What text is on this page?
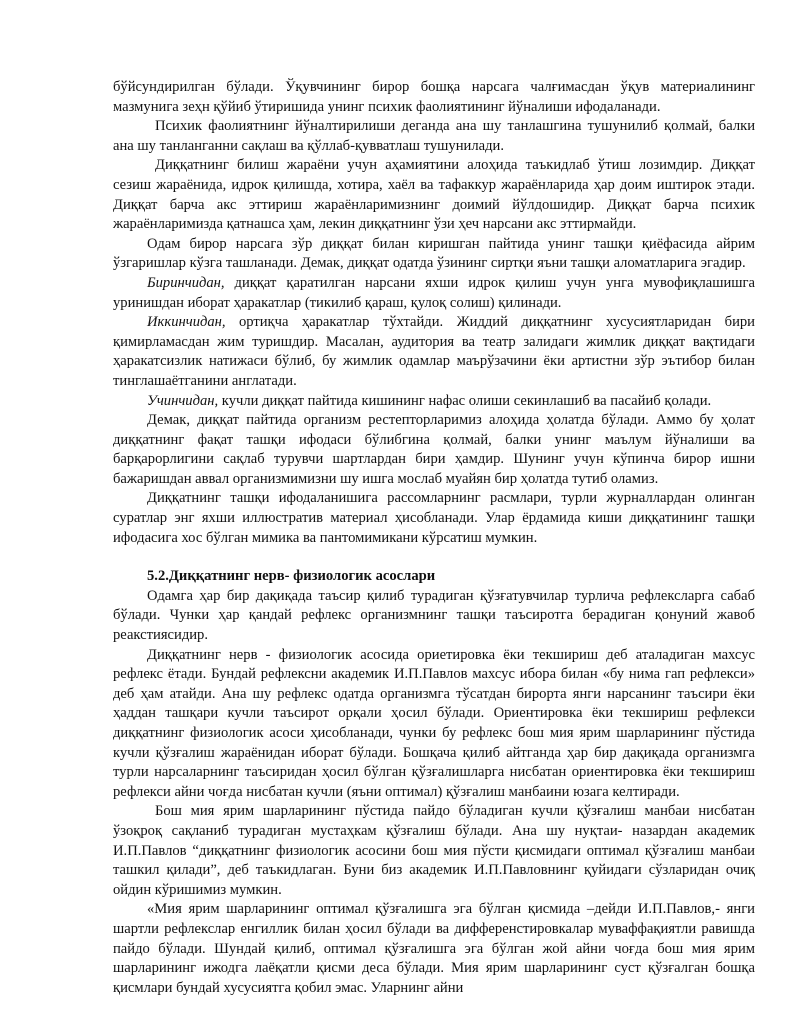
бўйсундирилган бўлади. Ўқувчининг бирор бошқа нарсага чалғимасдан ўқув материалининг мазмунига зеҳн қўйиб ўтиришида унинг психик фаолиятининг йўналиши ифодаланади.

Психик фаолиятнинг йўналтирилиши деганда ана шу танлашгина тушунилиб қолмай, балки ана шу танланганни сақлаш ва қўллаб-қувватлаш тушунилади.

Диққатнинг билиш жараёни учун аҳамиятини алоҳида таъкидлаб ўтиш лозимдир. Диққат сезиш жараёнида, идрок қилишда, хотира, хаёл ва тафаккур жараёнларида ҳар доим иштирок этади. Диққат барча акс эттириш жараёнларимизнинг доимий йўлдошидир. Диққат барча психик жараёнларимизда қатнашса ҳам, лекин диққатнинг ўзи ҳеч нарсани акс эттирмайди.

Одам бирор нарсага зўр диққат билан киришган пайтида унинг ташқи қиёфасида айрим ўзгаришлар кўзга ташланади. Демак, диққат одатда ўзининг сиртқи яъни ташқи аломатларига эгадир.

Биринчидан, диққат қаратилган нарсани яхши идрок қилиш учун унга мувофиқлашишга уринишдан иборат ҳаракатлар (тикилиб қараш, қулоқ солиш) қилинади.

Иккинчидан, ортиқча ҳаракатлар тўхтайди. Жиддий диққатнинг хусусиятларидан бири қимирламасдан жим туришдир. Масалан, аудитория ва театр залидаги жимлик диққат вақтидаги ҳаракатсизлик натижаси бўлиб, бу жимлик одамлар маърўзачини ёки артистни зўр эътибор билан тинглашаётганини англатади.

Учинчидан, кучли диққат пайтида кишининг нафас олиши секинлашиб ва пасайиб қолади.

Демак, диққат пайтида организм рестепторларимиз алоҳида ҳолатда бўлади. Аммо бу ҳолат диққатнинг фақат ташқи ифодаси бўлибгина қолмай, балки унинг маълум йўналиши ва барқарорлигини сақлаб турувчи шартлардан бири ҳамдир. Шунинг учун кўпинча бирор ишни бажаришдан аввал организмимизни шу ишга мослаб муайян бир ҳолатда тутиб оламиз.

Диққатнинг ташқи ифодаланишига рассомларнинг расмлари, турли журналлардан олинган суратлар энг яхши иллюстратив материал ҳисобланади. Улар ёрдамида киши диққатининг ташқи ифодасига хос бўлган мимика ва пантомимикани кўрсатиш мумкин.

5.2.Диққатнинг нерв- физиологик асослари

Одамга ҳар бир дақиқада таъсир қилиб турадиган қўзғатувчилар турлича рефлексларга сабаб бўлади. Чунки ҳар қандай рефлекс организмнинг ташқи таъсиротга берадиган қонуний жавоб реакстиясидир.

Диққатнинг нерв - физиологик асосида ориетировка ёки текшириш деб аталадиган махсус рефлекс ётади. Бундай рефлексни академик И.П.Павлов махсус ибора билан «бу нима гап рефлекси» деб ҳам атайди. Ана шу рефлекс одатда организмга тўсатдан бирорта янги нарсанинг таъсири ёки ҳаддан ташқари кучли таъсирот орқали ҳосил бўлади. Ориентировка ёки текшириш рефлекси диққатнинг физиологик асоси ҳисобланади, чунки бу рефлекс бош мия ярим шарларининг пўстида кучли қўзғалиш жараёнидан иборат бўлади. Бошқача қилиб айтганда ҳар бир дақиқада организмга турли нарсаларнинг таъсиридан ҳосил бўлган қўзғалишларга нисбатан ориентировка ёки текшириш рефлекси айни чоғда нисбатан кучли (яъни оптимал) қўзғалиш манбаини юзага келтиради.

Бош мия ярим шарларининг пўстида пайдо бўладиган кучли қўзғалиш манбаи нисбатан ўзоқроқ сақланиб турадиган мустаҳкам қўзғалиш бўлади. Ана шу нуқтаи- назардан академик И.П.Павлов “диққатнинг физиологик асосини бош мия пўсти қисмидаги оптимал қўзғалиш манбаи ташкил қилади”, деб таъкидлаган. Буни биз академик И.П.Павловнинг қуйидаги сўзларидан очиқ ойдин кўришимиз мумкин.

«Мия ярим шарларининг оптимал қўзғалишга эга бўлган қисмида –дейди И.П.Павлов,- янги шартли рефлекслар енгиллик билан ҳосил бўлади ва дифференстировкалар муваффақиятли равишда пайдо бўлади. Шундай қилиб, оптимал қўзғалишга эга бўлган жой айни чоғда бош мия ярим шарларининг ижодга лаёқатли қисми деса бўлади. Мия ярим шарларининг суст қўзғалган бошқа қисмлари бундай хусусиятга қобил эмас. Уларнинг айни
